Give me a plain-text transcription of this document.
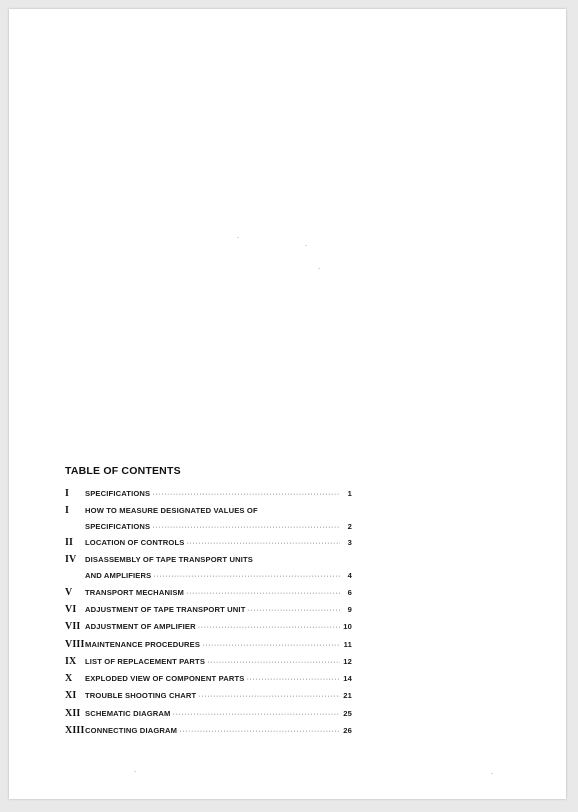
TABLE OF CONTENTS
I	SPECIFICATIONS ·····	1
I	HOW TO MEASURE DESIGNATED VALUES OF
SPECIFICATIONS ·····	2
II	LOCATION OF CONTROLS ·····	3
IV	DISASSEMBLY OF TAPE TRANSPORT UNITS
AND AMPLIFIERS ·····	4
V	TRANSPORT MECHANISM ·····	6
VI	ADJUSTMENT OF TAPE TRANSPORT UNIT ·····	9
VII ADJUSTMENT OF AMPLIFIER ·····	10
VIII MAINTENANCE PROCEDURES ·····	11
IX	LIST OF REPLACEMENT PARTS ·····	12
X	EXPLODED VIEW OF COMPONENT PARTS ·····	14
XI	TROUBLE SHOOTING CHART ·····	21
XII SCHEMATIC DIAGRAM ·····	25
XIII CONNECTING DIAGRAM ·····	26
